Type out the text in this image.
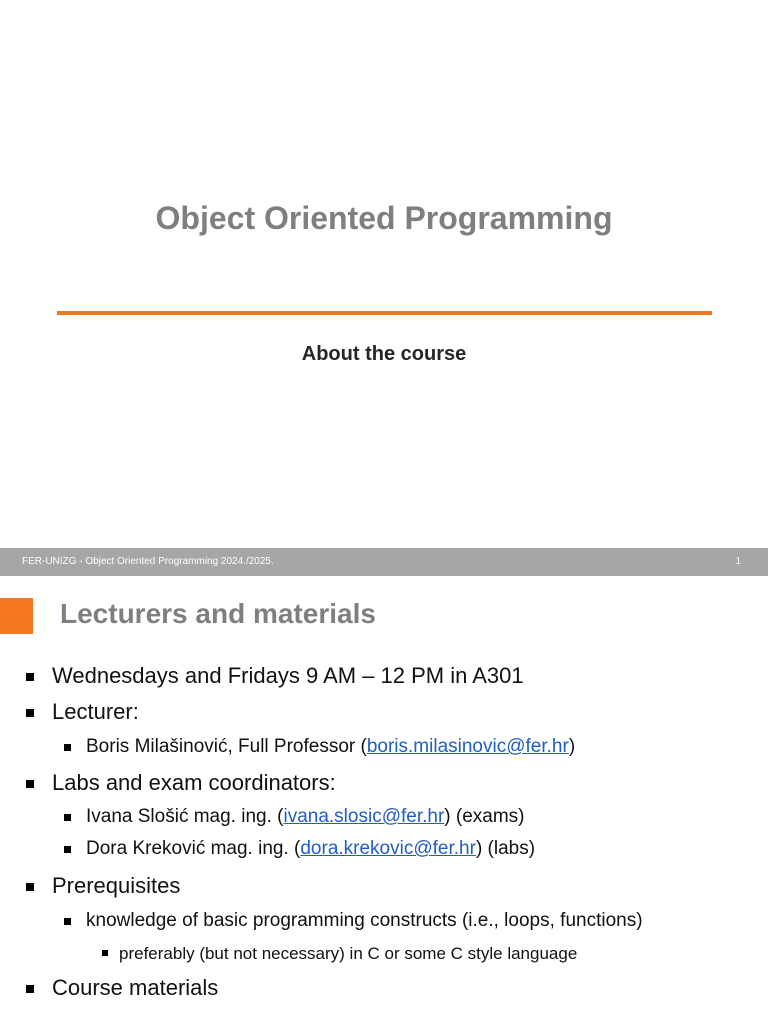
Object Oriented Programming
About the course
FER-UNIZG - Object Oriented Programming 2024./2025.	1
Lecturers and materials
Wednesdays and Fridays 9 AM – 12 PM in A301
Lecturer:
Boris Milašinović, Full Professor (boris.milasinovic@fer.hr)
Labs and exam coordinators:
Ivana Slošić mag. ing. (ivana.slosic@fer.hr) (exams)
Dora Kreković mag. ing. (dora.krekovic@fer.hr) (labs)
Prerequisites
knowledge of basic programming constructs (i.e., loops, functions)
preferably (but not necessary) in C or some C style language
Course materials
